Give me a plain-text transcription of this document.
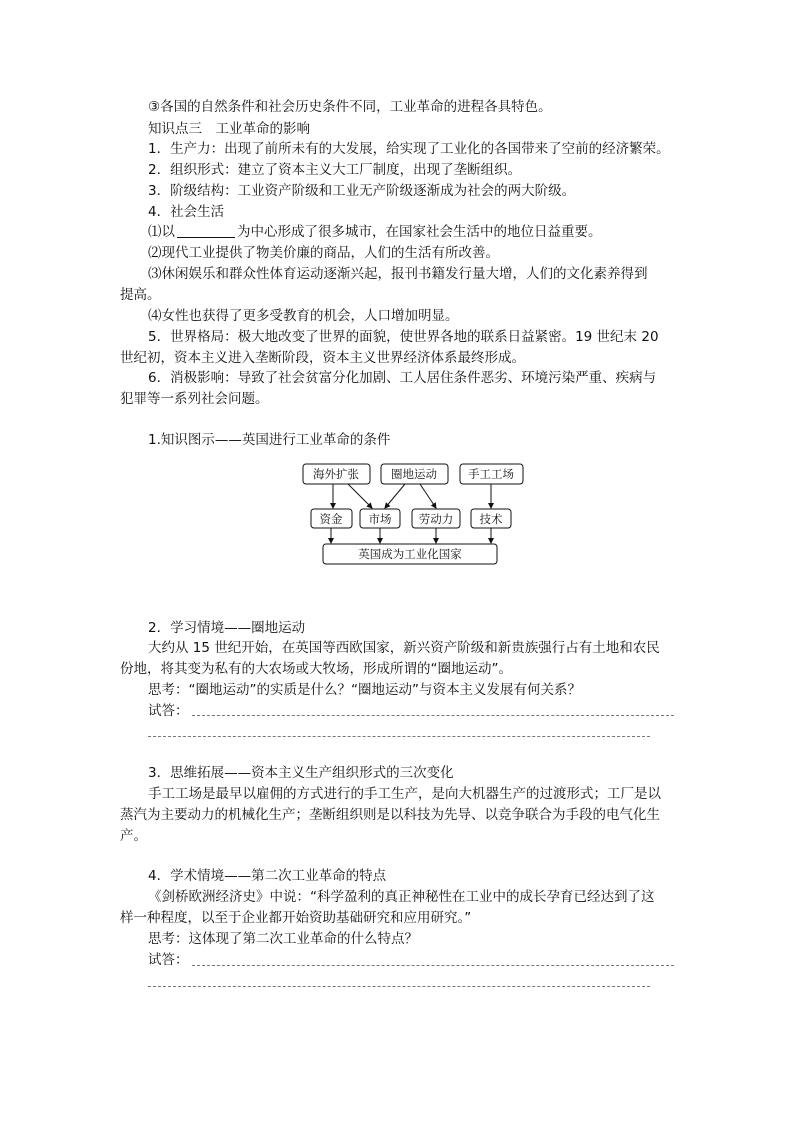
③各国的自然条件和社会历史条件不同，工业革命的进程各具特色。
知识点三　工业革命的影响
1．生产力：出现了前所未有的大发展，给实现了工业化的各国带来了空前的经济繁荣。
2．组织形式：建立了资本主义大工厂制度，出现了垄断组织。
3．阶级结构：工业资产阶级和工业无产阶级逐渐成为社会的两大阶级。
4．社会生活
⑴以	为中心形成了很多城市，在国家社会生活中的地位日益重要。
⑵现代工业提供了物美价廉的商品，人们的生活有所改善。
⑶休闲娱乐和群众性体育运动逐渐兴起，报刊书籍发行量大增，人们的文化素养得到
提高。
⑷女性也获得了更多受教育的机会，人口增加明显。
5．世界格局：极大地改变了世界的面貌，使世界各地的联系日益紧密。19 世纪末 20
世纪初，资本主义进入垄断阶段，资本主义世界经济体系最终形成。
6．消极影响：导致了社会贫富分化加剧、工人居住条件恶劣、环境污染严重、疾病与
犯罪等一系列社会问题。
1.知识图示——英国进行工业革命的条件
海外扩张	圈地运动	手工工场
资金 市场 劳动力 技术
英国成为工业化国家
2．学习情境——圈地运动
大约从 15 世纪开始，在英国等西欧国家，新兴资产阶级和新贵族强行占有土地和农民
份地，将其变为私有的大农场或大牧场，形成所谓的“圈地运动”。
思考：“圈地运动”的实质是什么？“圈地运动”与资本主义发展有何关系？
试答：
3．思维拓展——资本主义生产组织形式的三次变化
手工工场是最早以雇佣的方式进行的手工生产，是向大机器生产的过渡形式；工厂是以
蒸汽为主要动力的机械化生产；垄断组织则是以科技为先导、以竞争联合为手段的电气化生
产。
4．学术情境——第二次工业革命的特点
《剑桥欧洲经济史》中说：“科学盈利的真正神秘性在工业中的成长孕育已经达到了这
样一种程度，以至于企业都开始资助基础研究和应用研究。”
思考：这体现了第二次工业革命的什么特点？
试答：
